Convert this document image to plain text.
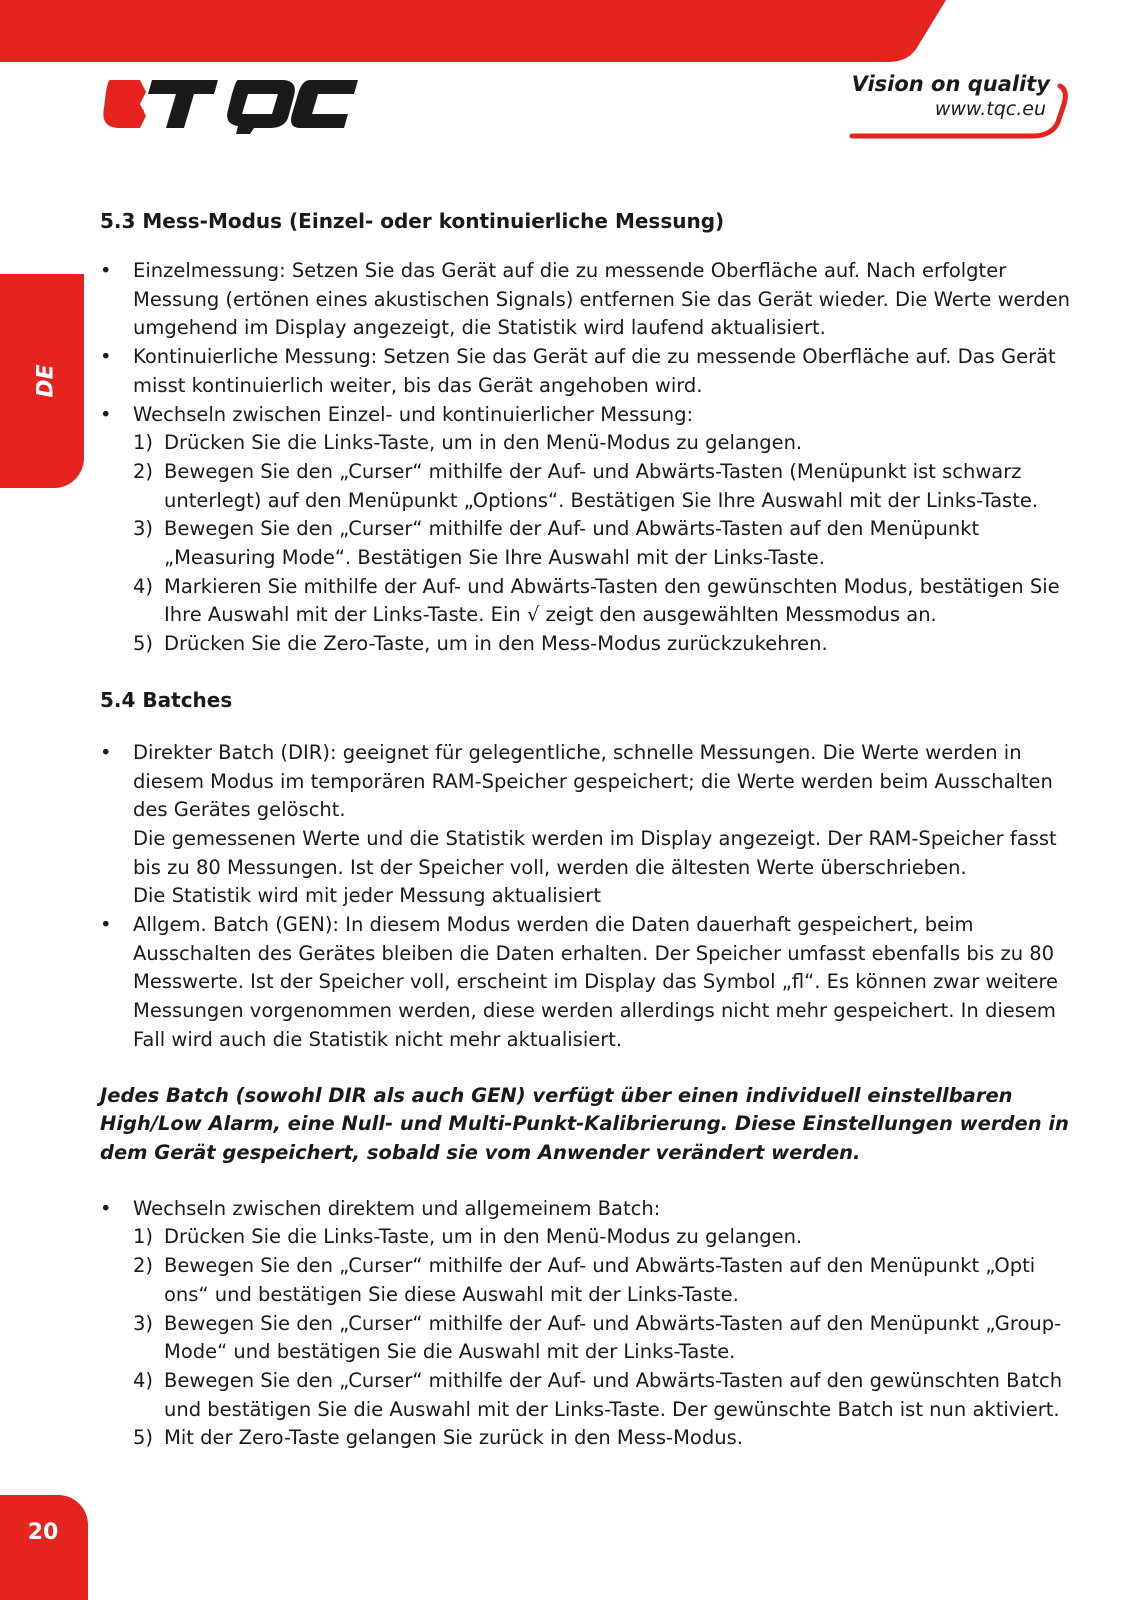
Vision on quality
www.tqc.eu
DE
20
5.3 Mess-Modus (Einzel- oder kontinuierliche Messung)
• Einzelmessung: Setzen Sie das Gerät auf die zu messende Oberfläche auf. Nach erfolgter Messung (ertönen eines akustischen Signals) entfernen Sie das Gerät wieder. Die Werte werden umgehend im Display angezeigt, die Statistik wird laufend aktualisiert.
• Kontinuierliche Messung: Setzen Sie das Gerät auf die zu messende Oberfläche auf. Das Gerät misst kontinuierlich weiter, bis das Gerät angehoben wird.
• Wechseln zwischen Einzel- und kontinuierlicher Messung:
1) Drücken Sie die Links-Taste, um in den Menü-Modus zu gelangen.
2) Bewegen Sie den „Curser“ mithilfe der Auf- und Abwärts-Tasten (Menüpunkt ist schwarz unterlegt) auf den Menüpunkt „Options“. Bestätigen Sie Ihre Auswahl mit der Links-Taste.
3) Bewegen Sie den „Curser“ mithilfe der Auf- und Abwärts-Tasten auf den Menüpunkt „Measuring Mode“. Bestätigen Sie Ihre Auswahl mit der Links-Taste.
4) Markieren Sie mithilfe der Auf- und Abwärts-Tasten den gewünschten Modus, bestätigen Sie Ihre Auswahl mit der Links-Taste. Ein √ zeigt den ausgewählten Messmodus an.
5) Drücken Sie die Zero-Taste, um in den Mess-Modus zurückzukehren.
5.4 Batches
• Direkter Batch (DIR): geeignet für gelegentliche, schnelle Messungen. Die Werte werden in diesem Modus im temporären RAM-Speicher gespeichert; die Werte werden beim Ausschalten des Gerätes gelöscht.
Die gemessenen Werte und die Statistik werden im Display angezeigt. Der RAM-Speicher fasst bis zu 80 Messungen. Ist der Speicher voll, werden die ältesten Werte überschrieben.
Die Statistik wird mit jeder Messung aktualisiert
• Allgem. Batch (GEN): In diesem Modus werden die Daten dauerhaft gespeichert, beim Ausschalten des Gerätes bleiben die Daten erhalten. Der Speicher umfasst ebenfalls bis zu 80 Messwerte. Ist der Speicher voll, erscheint im Display das Symbol „fl“. Es können zwar weitere Messungen vorgenommen werden, diese werden allerdings nicht mehr gespeichert. In diesem Fall wird auch die Statistik nicht mehr aktualisiert.

Jedes Batch (sowohl DIR als auch GEN) verfügt über einen individuell einstellbaren High/Low Alarm, eine Null- und Multi-Punkt-Kalibrierung. Diese Einstellungen werden in dem Gerät gespeichert, sobald sie vom Anwender verändert werden.

• Wechseln zwischen direktem und allgemeinem Batch:
1) Drücken Sie die Links-Taste, um in den Menü-Modus zu gelangen.
2) Bewegen Sie den „Curser“ mithilfe der Auf- und Abwärts-Tasten auf den Menüpunkt „Opti ons“ und bestätigen Sie diese Auswahl mit der Links-Taste.
3) Bewegen Sie den „Curser“ mithilfe der Auf- und Abwärts-Tasten auf den Menüpunkt „Group-Mode“ und bestätigen Sie die Auswahl mit der Links-Taste.
4) Bewegen Sie den „Curser“ mithilfe der Auf- und Abwärts-Tasten auf den gewünschten Batch und bestätigen Sie die Auswahl mit der Links-Taste. Der gewünschte Batch ist nun aktiviert.
5) Mit der Zero-Taste gelangen Sie zurück in den Mess-Modus.
